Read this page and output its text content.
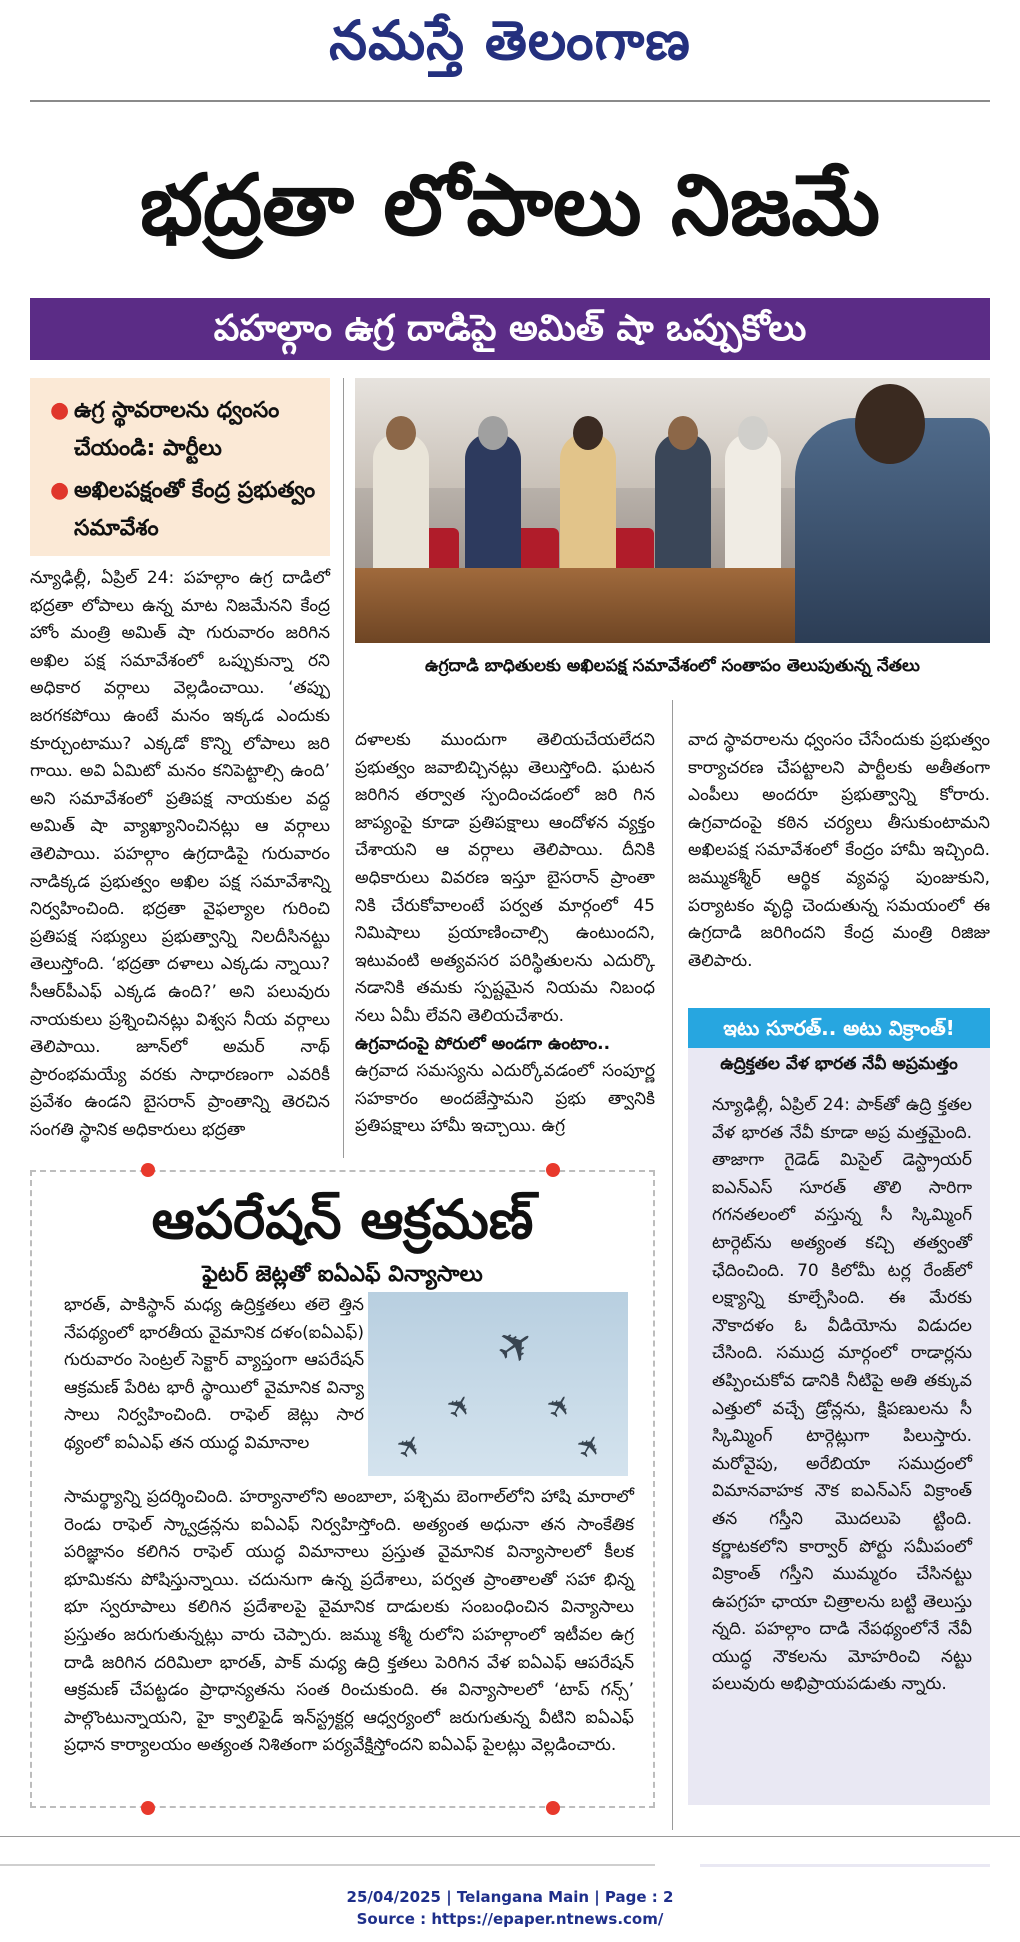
నమస్తే తెలంగాణ
భద్రతా లోపాలు నిజమే
పహల్గాం ఉగ్ర దాడిపై అమిత్ షా ఒప్పుకోలు
● ఉగ్ర స్థావరాలను ధ్వంసం చేయండి: పార్టీలు
● అఖిలపక్షంతో కేంద్ర ప్రభుత్వం సమావేశం
ఉగ్రదాడి బాధితులకు అఖిలపక్ష సమావేశంలో సంతాపం తెలుపుతున్న నేతలు
న్యూఢిల్లీ, ఏప్రిల్ 24: పహల్గాం ఉగ్ర దాడిలో భద్రతా లోపాలు ఉన్న మాట నిజమేనని కేంద్ర హోం మంత్రి అమిత్ షా గురువారం జరిగిన అఖిల పక్ష సమావేశంలో ఒప్పుకున్నా రని అధికార వర్గాలు వెల్లడించాయి. ‘తప్పు జరగకపోయి ఉంటే మనం ఇక్కడ ఎందుకు కూర్చుంటాము? ఎక్కడో కొన్ని లోపాలు జరి గాయి. అవి ఏమిటో మనం కనిపెట్టాల్సి ఉంది’ అని సమావేశంలో ప్రతిపక్ష నాయకుల వద్ద అమిత్ షా వ్యాఖ్యానించినట్లు ఆ వర్గాలు తెలిపాయి. పహల్గాం ఉగ్రదాడిపై గురువారం నాడిక్కడ ప్రభుత్వం అఖిల పక్ష సమావేశాన్ని నిర్వహించింది. భద్రతా వైఫల్యాల గురించి ప్రతిపక్ష సభ్యులు ప్రభుత్వాన్ని నిలదీసినట్టు తెలుస్తోంది. ‘భద్రతా దళాలు ఎక్కడు న్నాయి? సీఆర్‌పీఎఫ్ ఎక్కడ ఉంది?’ అని పలువురు నాయకులు ప్రశ్నించినట్లు విశ్వస నీయ వర్గాలు తెలిపాయి. జూన్‌లో అమర్ నాథ్ ప్రారంభమయ్యే వరకు సాధారణంగా ఎవరికీ ప్రవేశం ఉండని బైసరాన్ ప్రాంతాన్ని తెరచిన సంగతి స్థానిక అధికారులు భద్రతా
దళాలకు ముందుగా తెలియచేయలేదని ప్రభుత్వం జవాబిచ్చినట్లు తెలుస్తోంది. ఘటన జరిగిన తర్వాత స్పందించడంలో జరి గిన జాప్యంపై కూడా ప్రతిపక్షాలు ఆందోళన వ్యక్తం చేశాయని ఆ వర్గాలు తెలిపాయి. దీనికి అధికారులు వివరణ ఇస్తూ బైసరాన్ ప్రాంతా నికి చేరుకోవాలంటే పర్వత మార్గంలో 45 నిమిషాలు ప్రయాణించాల్సి ఉంటుందని, ఇటువంటి అత్యవసర పరిస్థితులను ఎదుర్కొ నడానికి తమకు స్పష్టమైన నియమ నిబంధ నలు ఏమీ లేవని తెలియచేశారు.
ఉగ్రవాదంపై పోరులో అండగా ఉంటాం..
ఉగ్రవాద సమస్యను ఎదుర్కోవడంలో సంపూర్ణ సహకారం అందజేస్తామని ప్రభు త్వానికి ప్రతిపక్షాలు హామీ ఇచ్చాయి. ఉగ్ర
వాద స్థావరాలను ధ్వంసం చేసేందుకు ప్రభుత్వం కార్యాచరణ చేపట్టాలని పార్టీలకు అతీతంగా ఎంపీలు అందరూ ప్రభుత్వాన్ని కోరారు. ఉగ్రవాదంపై కఠిన చర్యలు తీసుకుంటామని అఖిలపక్ష సమావేశంలో కేంద్రం హామీ ఇచ్చింది. జమ్ముకశ్మీర్ ఆర్థిక వ్యవస్థ పుంజుకుని, పర్యాటకం వృద్ధి చెందుతున్న సమయంలో ఈ ఉగ్రదాడి జరిగిందని కేంద్ర మంత్రి రిజిజు తెలిపారు.
ఆపరేషన్ ఆక్రమణ్
ఫైటర్ జెట్లతో ఐఏఎఫ్ విన్యాసాలు
భారత్, పాకిస్థాన్ మధ్య ఉద్రిక్తతలు తలె త్తిన నేపథ్యంలో భారతీయ వైమానిక దళం(ఐఏఎఫ్) గురువారం సెంట్రల్ సెక్టార్ వ్యాప్తంగా ఆపరేషన్ ఆక్రమణ్ పేరిట భారీ స్థాయిలో వైమానిక విన్యా సాలు నిర్వహించింది. రాఫెల్ జెట్లు సార థ్యంలో ఐఏఎఫ్ తన యుద్ధ విమానాల
✈
✈ ✈
✈	✈
సామర్థ్యాన్ని ప్రదర్శించింది. హర్యానాలోని అంబాలా, పశ్చిమ బెంగాల్‌లోని హాషి మారాలో రెండు రాఫెల్ స్క్వాడ్రన్లను ఐఏఎఫ్ నిర్వహిస్తోంది. అత్యంత అధునా తన సాంకేతిక పరిజ్ఞానం కలిగిన రాఫెల్ యుద్ధ విమానాలు ప్రస్తుత వైమానిక విన్యాసాలలో కీలక భూమికను పోషిస్తున్నాయి. చదునుగా ఉన్న ప్రదేశాలు, పర్వత ప్రాంతాలతో సహా భిన్న భూ స్వరూపాలు కలిగిన ప్రదేశాలపై వైమానిక దాడులకు సంబంధించిన విన్యాసాలు ప్రస్తుతం జరుగుతున్నట్లు వారు చెప్పారు. జమ్ము కశ్మీ రులోని పహల్గాంలో ఇటీవల ఉగ్ర దాడి జరిగిన దరిమిలా భారత్, పాక్ మధ్య ఉద్రి క్తతలు పెరిగిన వేళ ఐఏఎఫ్ ఆపరేషన్ ఆక్రమణ్ చేపట్టడం ప్రాధాన్యతను సంత రించుకుంది. ఈ విన్యాసాలలో ‘టాప్ గన్స్’ పాల్గొంటున్నాయని, హై క్వాలిఫైడ్ ఇన్‌స్ట్రక్టర్ల ఆధ్వర్యంలో జరుగుతున్న వీటిని ఐఏఎఫ్ ప్రధాన కార్యాలయం అత్యంత నిశితంగా పర్యవేక్షిస్తోందని ఐఏఎఫ్ పైలట్లు వెల్లడించారు.
ఇటు సూరత్.. అటు విక్రాంత్!
ఉద్రిక్తతల వేళ భారత నేవీ అప్రమత్తం
న్యూఢిల్లీ, ఏప్రిల్ 24: పాక్‌తో ఉద్రి క్తతల వేళ భారత నేవీ కూడా అప్ర మత్తమైంది. తాజాగా గైడెడ్ మిసైల్ డెస్ట్రాయర్ ఐఎన్ఎస్ సూరత్ తొలి సారిగా గగనతలంలో వస్తున్న సీ స్కిమ్మింగ్ టార్గెట్‌ను అత్యంత కచ్చి తత్వంతో ఛేదించింది. 70 కిలోమీ టర్ల రేంజ్‌లో లక్ష్యాన్ని కూల్చేసింది. ఈ మేరకు నౌకాదళం ఓ వీడియోను విడుదల చేసింది. సముద్ర మార్గంలో రాడార్లను తప్పించుకోవ డానికి నీటిపై అతి తక్కువ ఎత్తులో వచ్చే డ్రోన్లను, క్షిపణులను సీ స్కిమ్మింగ్ టార్గెట్లుగా పిలుస్తారు. మరోవైపు, అరేబియా సముద్రంలో విమానవాహక నౌక ఐఎన్ఎస్ విక్రాంత్ తన గస్తీని మొదలుపె ట్టింది. కర్ణాటకలోని కార్వార్ పోర్టు సమీపంలో విక్రాంత్ గస్తీని ముమ్మరం చేసినట్టు ఉపగ్రహ ఛాయా చిత్రాలను బట్టి తెలుస్తు న్నది. పహల్గాం దాడి నేపథ్యంలోనే నేవీ యుద్ధ నౌకలను మోహరించి నట్టు పలువురు అభిప్రాయపడుతు న్నారు.
25/04/2025 | Telangana Main | Page : 2
Source : https://epaper.ntnews.com/
